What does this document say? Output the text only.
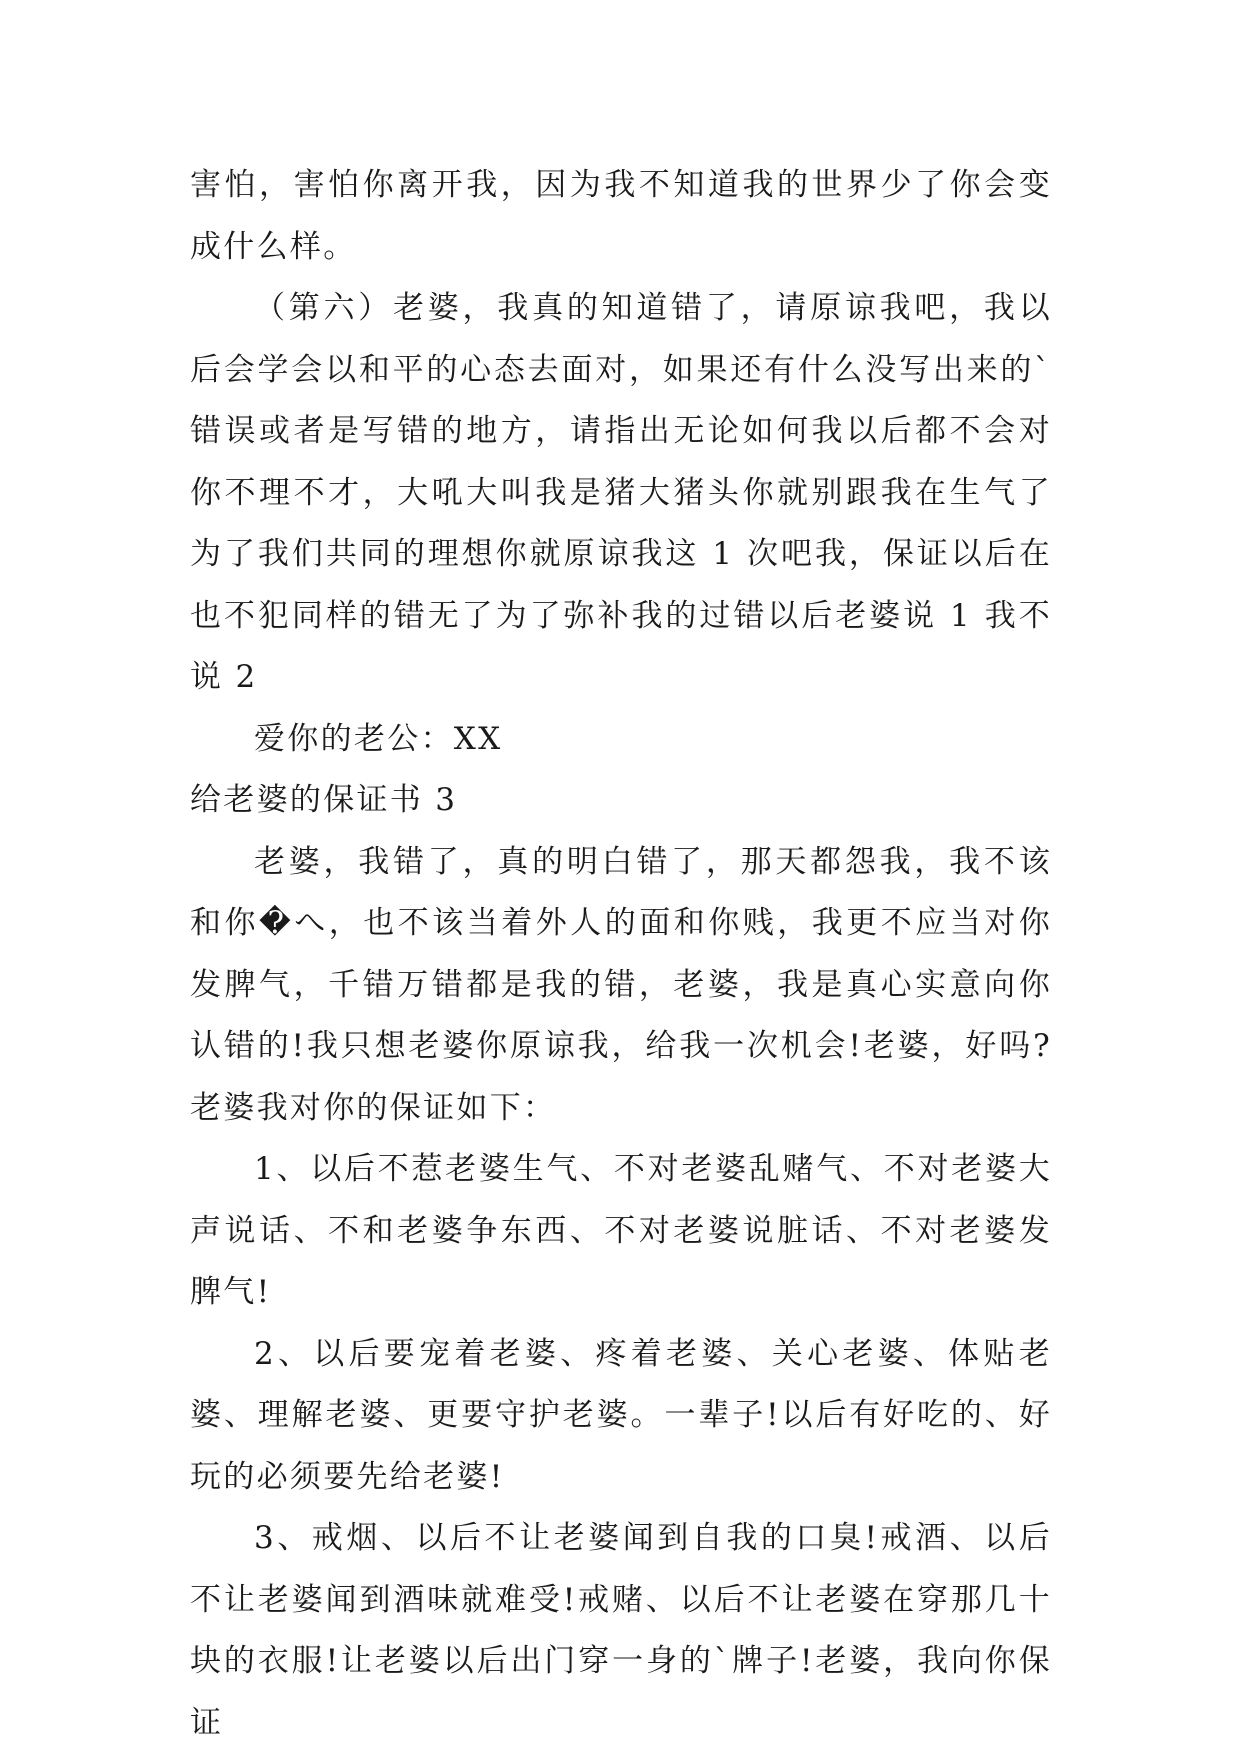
害怕，害怕你离开我，因为我不知道我的世界少了你会变成什么样。

（第六）老婆，我真的知道错了，请原谅我吧，我以后会学会以和平的心态去面对，如果还有什么没写出来的`错误或者是写错的地方，请指出无论如何我以后都不会对你不理不才，大吼大叫我是猪大猪头你就别跟我在生气了为了我们共同的理想你就原谅我这 1 次吧我，保证以后在也不犯同样的错无了为了弥补我的过错以后老婆说 1 我不说 2

爱你的老公：XX

给老婆的保证书 3

老婆，我错了，真的明白错了，那天都怨我，我不该和你�へ，也不该当着外人的面和你贱，我更不应当对你发脾气，千错万错都是我的错，老婆，我是真心实意向你认错的!我只想老婆你原谅我，给我一次机会!老婆，好吗?老婆我对你的保证如下：

1、以后不惹老婆生气、不对老婆乱赌气、不对老婆大声说话、不和老婆争东西、不对老婆说脏话、不对老婆发脾气!

2、以后要宠着老婆、疼着老婆、关心老婆、体贴老婆、理解老婆、更要守护老婆。一辈子!以后有好吃的、好玩的必须要先给老婆!

3、戒烟、以后不让老婆闻到自我的口臭!戒酒、以后不让老婆闻到酒味就难受!戒赌、以后不让老婆在穿那几十块的衣服!让老婆以后出门穿一身的`牌子!老婆，我向你保证
